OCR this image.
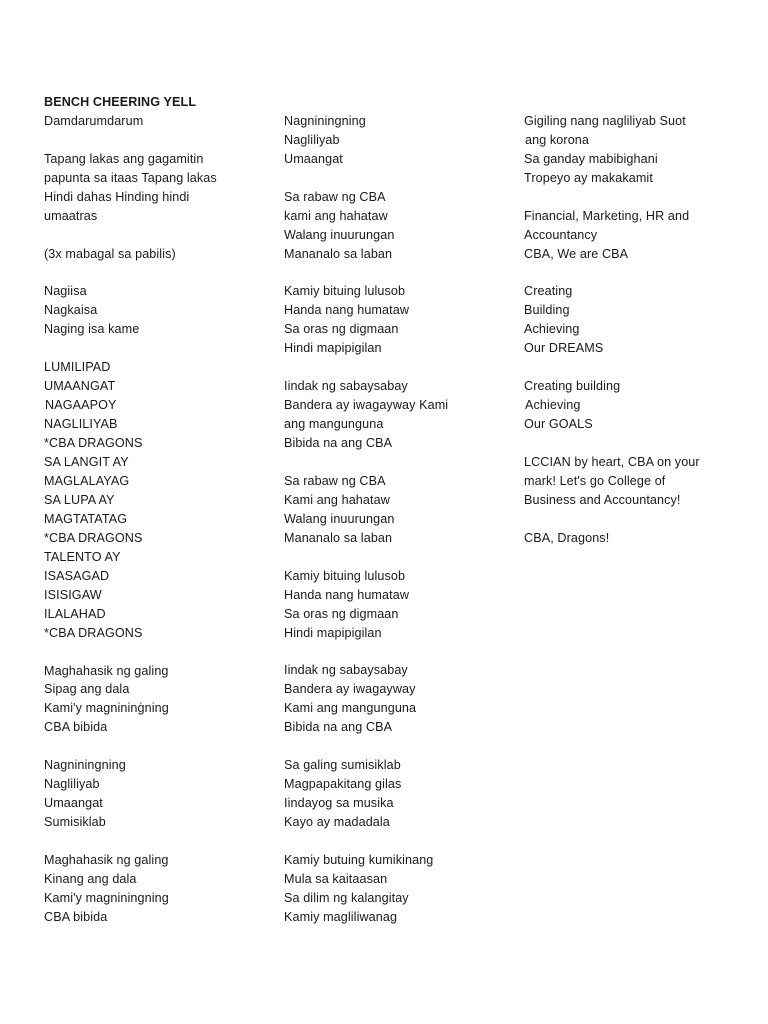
BENCH CHEERING YELL
Damdarumdarum
Tapang lakas ang gagamitin
papunta sa itaas Tapang lakas
Hindi dahas Hinding hindi
umaatras
(3x mabagal sa pabilis)
Nagiisa
Nagkaisa
Naging isa kame
LUMILIPAD
UMAANGAT
NAGAAPOY
NAGLILIYAB
*CBA DRAGONS
SA LANGIT AY
MAGLALAYAG
SA LUPA AY
MAGTATATAG
*CBA DRAGONS
TALENTO AY
ISASAGAD
ISISIGAW
ILALAHAD
*CBA DRAGONS
Maghahasik ng galing
Sipag ang dala
Kami'y magnininġning
CBA bibida
Nagniningning
Nagliliyab
Umaangat
Sumisiklab
Maghahasik ng galing
Kinang ang dala
Kami'y magniningning
CBA bibida
Nagniningning
Nagliliyab
Umaangat
Sa rabaw ng CBA
kami ang hahataw
Walang inuurungan
Mananalo sa laban
Kamiy bituing lulusob
Handa nang humataw
Sa oras ng digmaan
Hindi mapipigilan
Iindak ng sabaysabay
Bandera ay iwagayway Kami
ang mangunguna
Bibida na ang CBA
Sa rabaw ng CBA
Kami ang hahataw
Walang inuurungan
Mananalo sa laban
Kamiy bituing lulusob
Handa nang humataw
Sa oras ng digmaan
Hindi mapipigilan
Iindak ng sabaysabay
Bandera ay iwagayway
Kami ang mangunguna
Bibida na ang CBA
Sa galing sumisiklab
Magpapakitang gilas
Iindayog sa musika
Kayo ay madadala
Kamiy butuing kumikinang
Mula sa kaitaasan
Sa dilim ng kalangitay
Kamiy magliliwanag
Gigiling nang nagliliyab Suot
ang korona
Sa ganday mabibighani
Tropeyo ay makakamit
Financial, Marketing, HR and
Accountancy
CBA, We are CBA
Creating
Building
Achieving
Our DREAMS
Creating building
Achieving
Our GOALS
LCCIAN by heart, CBA on your
mark! Let's go College of
Business and Accountancy!
CBA, Dragons!
